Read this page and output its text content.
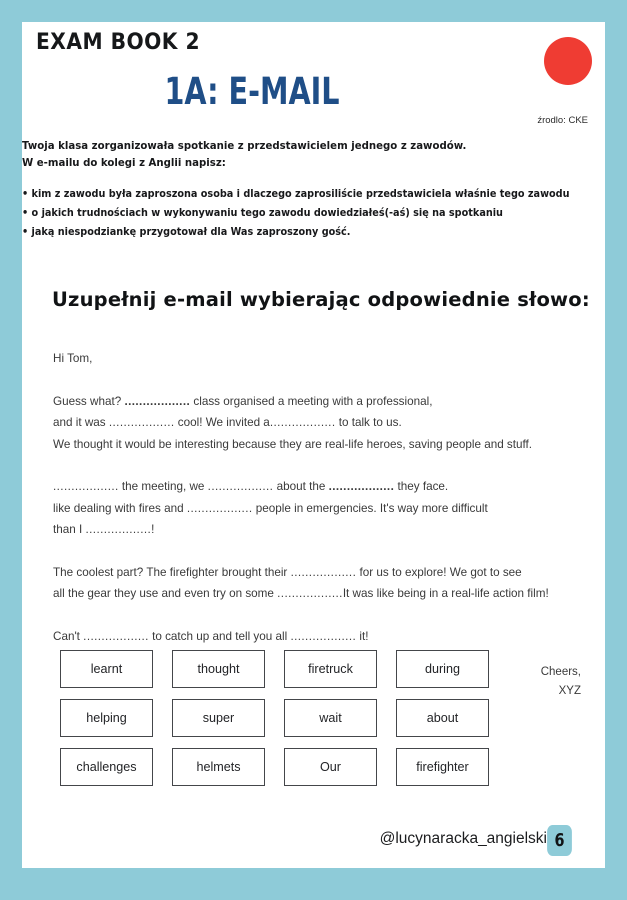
EXAM BOOK 2
1A: E-MAIL
źrodlo: CKE
Twoja klasa zorganizowała spotkanie z przedstawicielem jednego z zawodów.
W e-mailu do kolegi z Anglii napisz:
• kim z zawodu była zaproszona osoba i dlaczego zaprosiliście przedstawiciela właśnie tego zawodu
• o jakich trudnościach w wykonywaniu tego zawodu dowiedziałeś(-aś) się na spotkaniu
• jaką niespodziankę przygotował dla Was zaproszony gość.
Uzupełnij e-mail wybierając odpowiednie słowo:

Hi Tom,

Guess what? .................. class organised a meeting with a professional,

and it was .................. cool! We invited a.................. to talk to us.

We thought it would be interesting because they are real-life heroes, saving people and stuff.

.................. the meeting, we .................. about the .................. they face.

like dealing with fires and .................. people in emergencies. It's way more difficult

than I ..................!

The coolest part? The firefighter brought their .................. for us to explore! We got to see

all the gear they use and even try on some ..................It was like being in a real-life action film!

Can't .................. to catch up and tell you all .................. it!

Cheers,
XYZ
learnt	thought	firetruck	during
helping	super	wait	about
challenges	helmets	Our	firefighter
@lucynaracka_angielski 6
